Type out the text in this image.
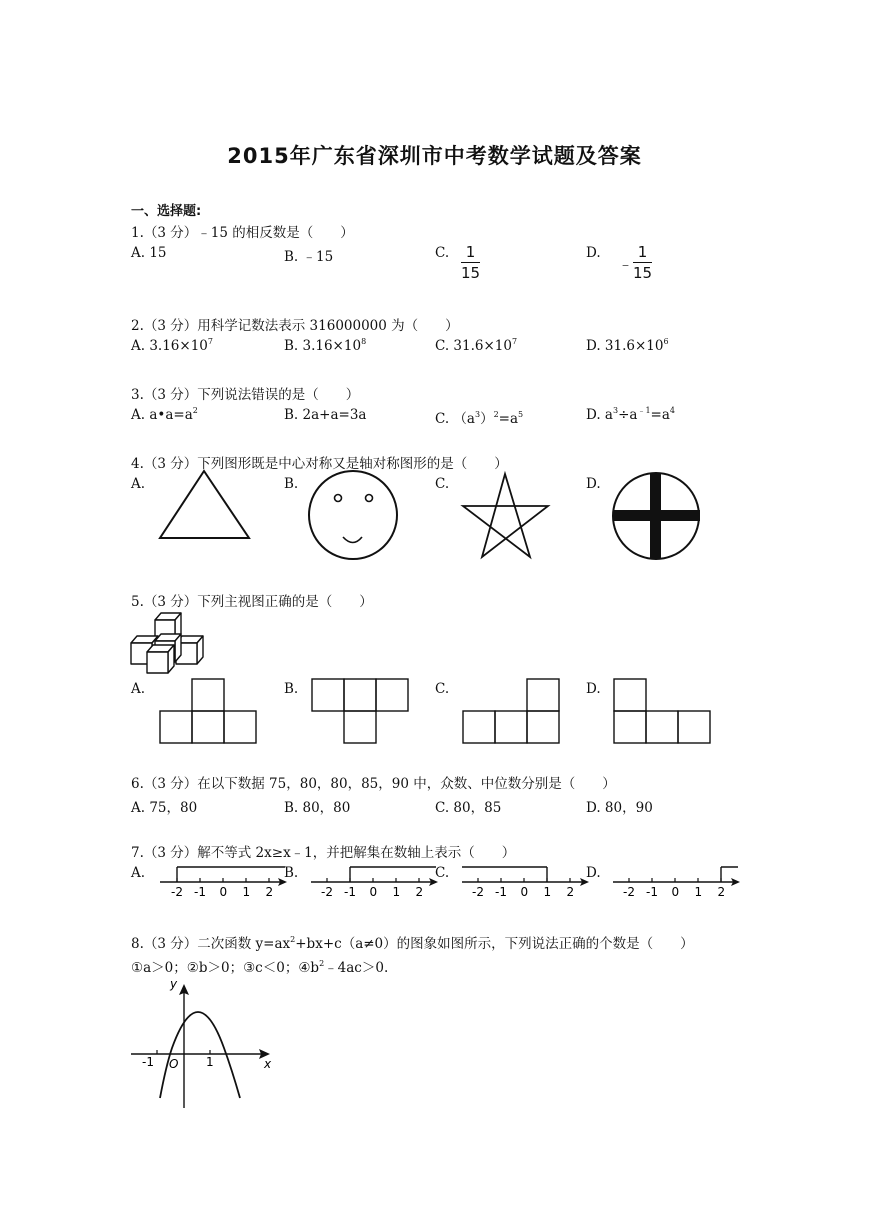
2015年广东省深圳市中考数学试题及答案
一、选择题:
1.（3 分）﹣15 的相反数是（　　）
A. 15	B. ﹣15	C. $\frac{1}{15}$	D.
﹣ $\frac{1}{15}$
2.（3 分）用科学记数法表示 316000000 为（　　）
A. $3.16\times 10^7$	B. $3.16\times 10^8$	C. $31.6\times 10^7$	D. $31.6\times 10^6$
3.（3 分）下列说法错误的是（　　）
A. $a•a=a^2$	B. 2a+a=3a	C. $(a^3)^2=a^5$	D. $a^3\div a^{﹣1}=a^4$
4.（3 分）下列图形既是中心对称又是轴对称图形的是（　　）
A.	B.	C.	D.
5.（3 分）下列主视图正确的是（　　）
A.	B.	C.	D.
6.（3 分）在以下数据 75，80，80，85，90 中，众数、中位数分别是（　　）
A. 75，80	B. 80，80	C. 80，85	D. 80，90
7.（3 分）解不等式 2x≥x﹣1，并把解集在数轴上表示（　　）
A.	B.	C.	D.
-2 -1 0 1 2	-2 -1 0 1 2	-2 -1 0 1 2	-2 -1 0 1 2
8.（3 分）二次函数 $y=ax^2+bx+c(a\ne 0)$的图象如图所示，下列说法正确的个数是（　　）
①a＞0；②b＞0；③c＜0；$④b^2﹣4ac>0$.
y
x
O
-1	1
